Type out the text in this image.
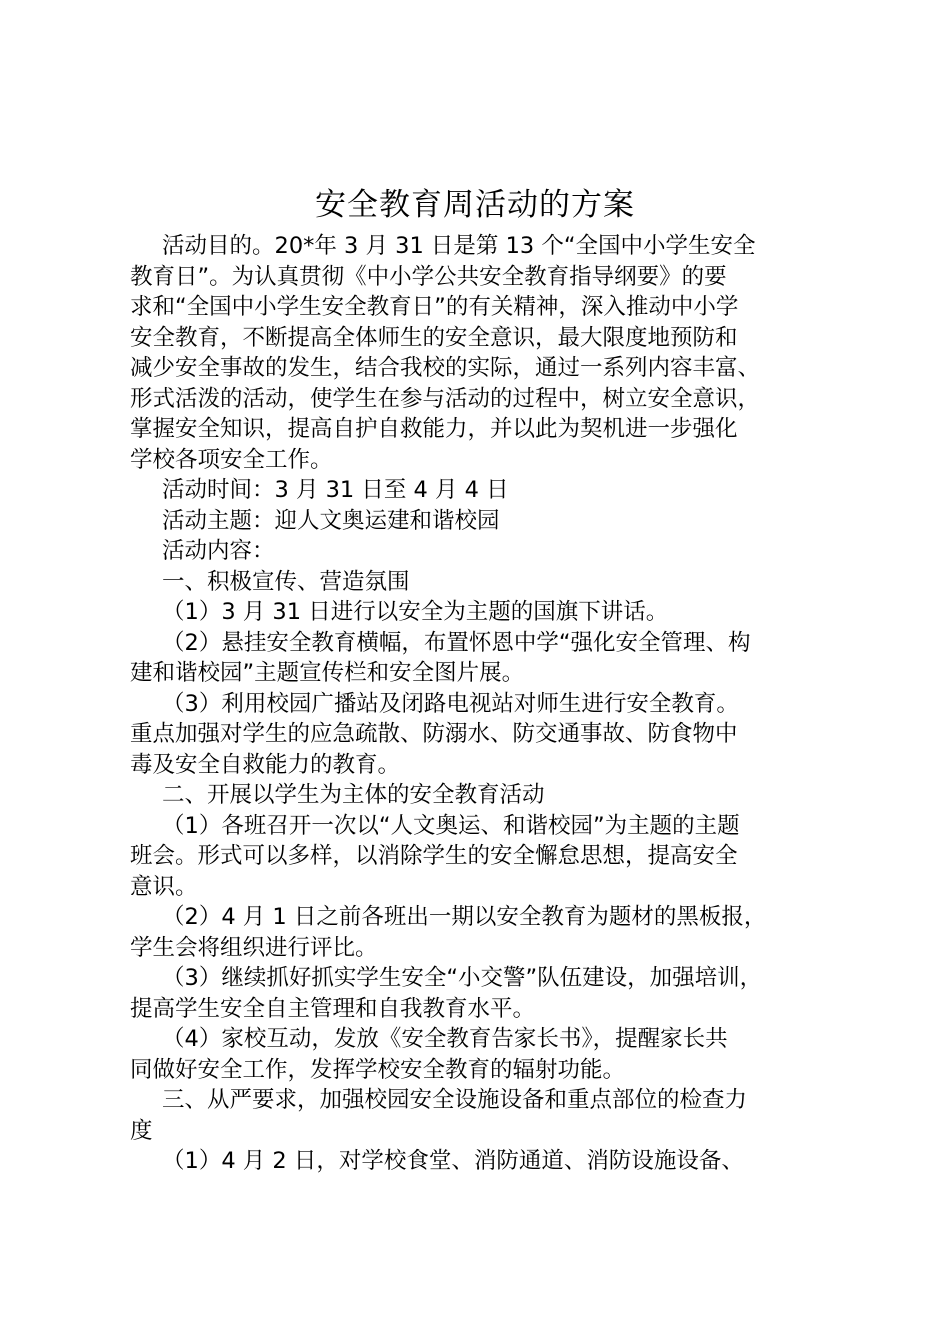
安全教育周活动的方案
活动目的。20*年 3 月 31 日是第 13 个“全国中小学生安全
教育日”。为认真贯彻《中小学公共安全教育指导纲要》的要
求和“全国中小学生安全教育日”的有关精神，深入推动中小学
安全教育，不断提高全体师生的安全意识，最大限度地预防和
减少安全事故的发生，结合我校的实际，通过一系列内容丰富、
形式活泼的活动，使学生在参与活动的过程中，树立安全意识，
掌握安全知识，提高自护自救能力，并以此为契机进一步强化
学校各项安全工作。
活动时间：3 月 31 日至 4 月 4 日
活动主题：迎人文奥运建和谐校园
活动内容：
一、积极宣传、营造氛围
（1）3 月 31 日进行以安全为主题的国旗下讲话。
（2）悬挂安全教育横幅，布置怀恩中学“强化安全管理、构
建和谐校园”主题宣传栏和安全图片展。
（3）利用校园广播站及闭路电视站对师生进行安全教育。
重点加强对学生的应急疏散、防溺水、防交通事故、防食物中
毒及安全自救能力的教育。
二、开展以学生为主体的安全教育活动
（1）各班召开一次以“人文奥运、和谐校园”为主题的主题
班会。形式可以多样，以消除学生的安全懈怠思想，提高安全
意识。
（2）4 月 1 日之前各班出一期以安全教育为题材的黑板报，
学生会将组织进行评比。
（3）继续抓好抓实学生安全“小交警”队伍建设，加强培训，
提高学生安全自主管理和自我教育水平。
（4）家校互动，发放《安全教育告家长书》，提醒家长共
同做好安全工作，发挥学校安全教育的辐射功能。
三、从严要求，加强校园安全设施设备和重点部位的检查力
度
（1）4 月 2 日，对学校食堂、消防通道、消防设施设备、
